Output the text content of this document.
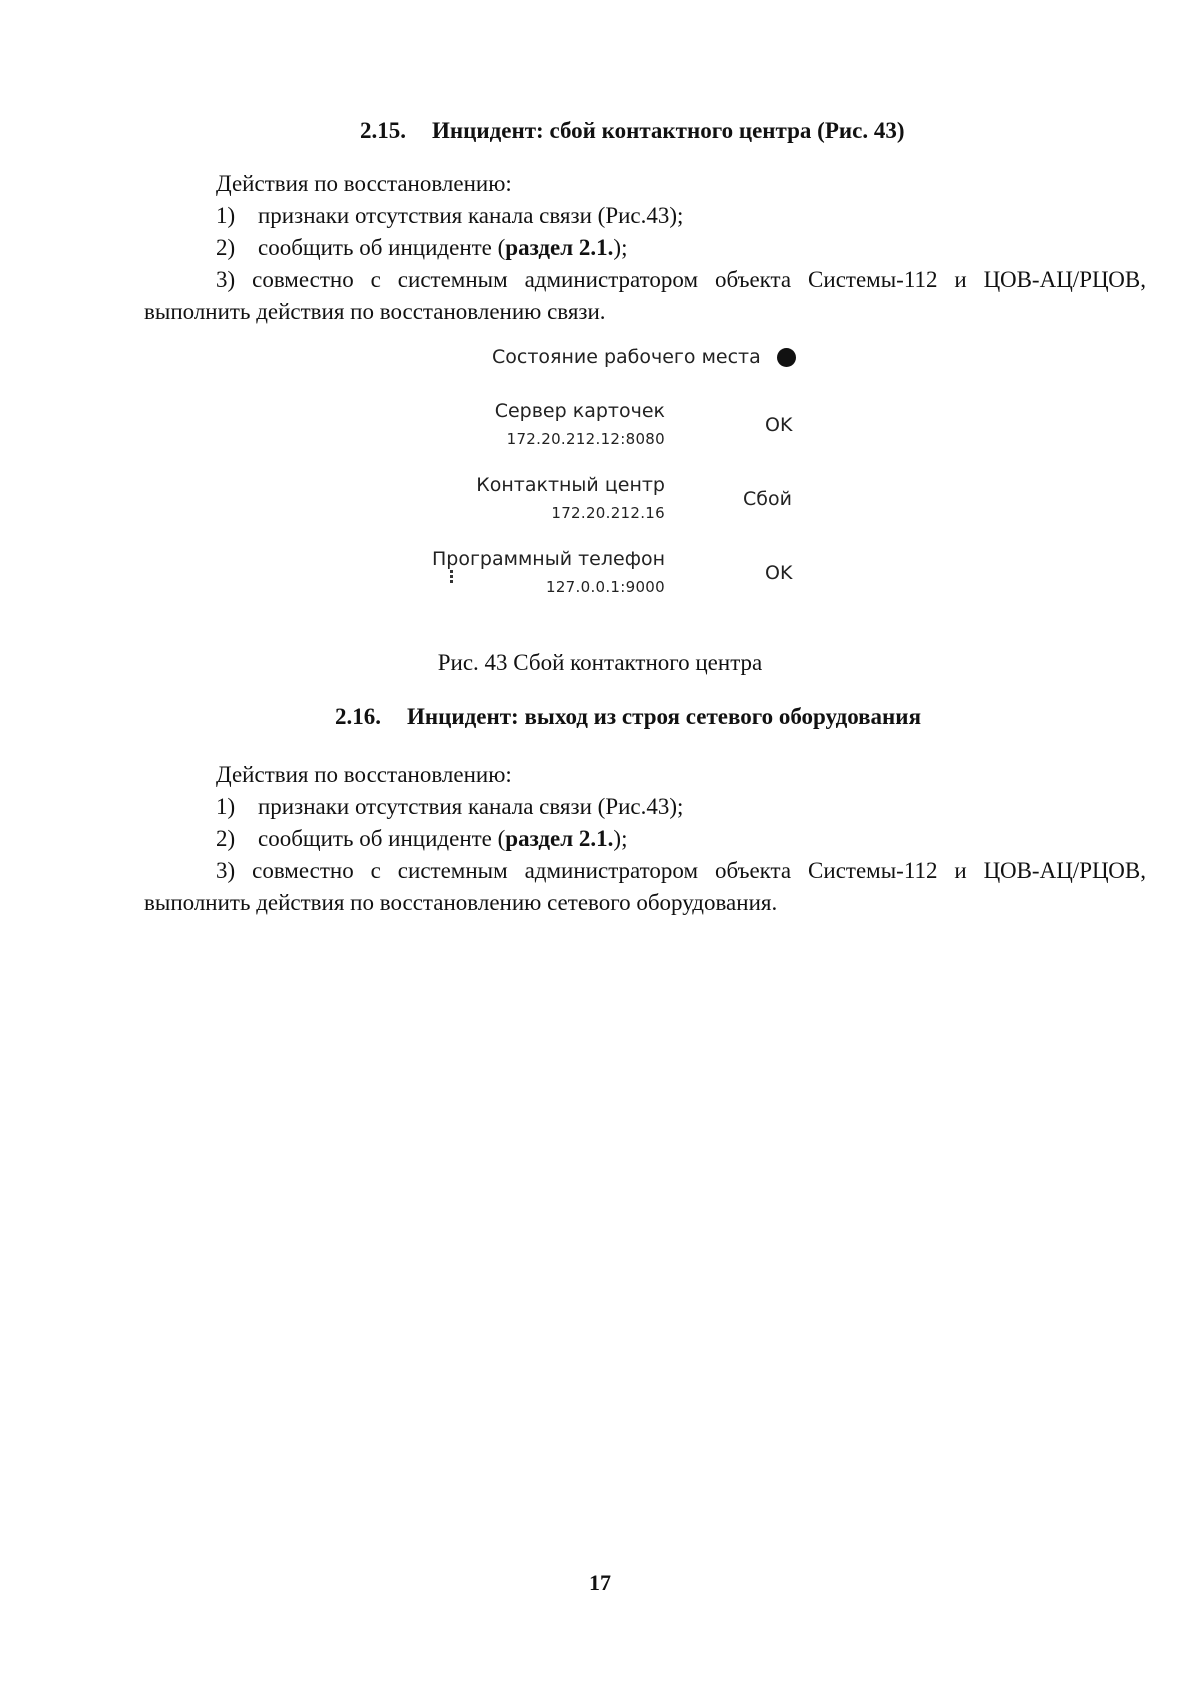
2.15. Инцидент: сбой контактного центра (Рис. 43)
Действия по восстановлению:
1) признаки отсутствия канала связи (Рис.43);
2) сообщить об инциденте (раздел 2.1.);
3) совместно с системным администратором объекта Системы-112 и ЦОВ-АЦ/РЦОВ,
выполнить действия по восстановлению связи.
Состояние рабочего места
Сервер карточек
172.20.212.12:8080
OK
Контактный центр
172.20.212.16
Сбой
Программный телефон
127.0.0.1:9000
OK
Рис. 43 Сбой контактного центра
2.16. Инцидент: выход из строя сетевого оборудования
Действия по восстановлению:
1) признаки отсутствия канала связи (Рис.43);
2) сообщить об инциденте (раздел 2.1.);
3) совместно с системным администратором объекта Системы-112 и ЦОВ-АЦ/РЦОВ,
выполнить действия по восстановлению сетевого оборудования.
17
